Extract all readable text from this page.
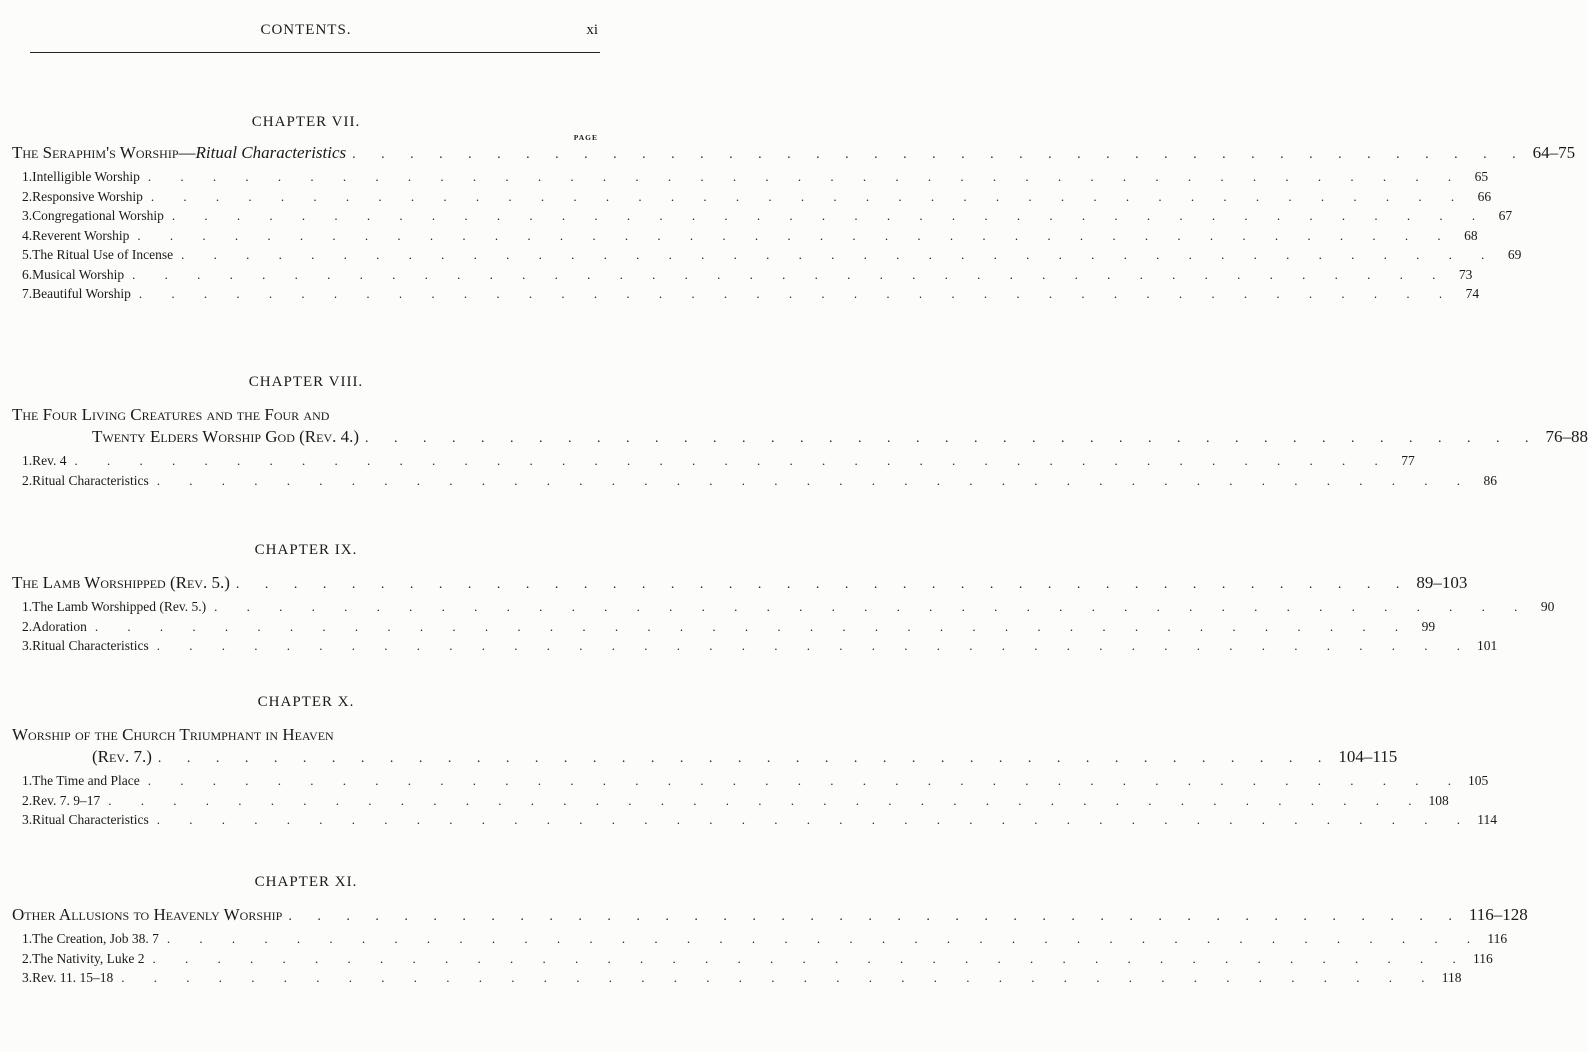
CONTENTS.	xi
CHAPTER VII.
PAGE
The Seraphim's Worship— Ritual Characteristics . . . . . . . . . . . . . . . . . . . . . . . . . . . . . . . . . . . . . . . . . 64–75
1. Intelligible Worship . . . . . . . . . . . . . . . . . . . . . . . . . . . . . . . . . . . . . . . . . 65
2. Responsive Worship . . . . . . . . . . . . . . . . . . . . . . . . . . . . . . . . . . . . . . . . . 66
3. Congregational Worship . . . . . . . . . . . . . . . . . . . . . . . . . . . . . . . . . . . . . . . . . 67
4. Reverent Worship . . . . . . . . . . . . . . . . . . . . . . . . . . . . . . . . . . . . . . . . . 68
5. The Ritual Use of Incense . . . . . . . . . . . . . . . . . . . . . . . . . . . . . . . . . . . . . . . . . 69
6. Musical Worship . . . . . . . . . . . . . . . . . . . . . . . . . . . . . . . . . . . . . . . . . 73
7. Beautiful Worship . . . . . . . . . . . . . . . . . . . . . . . . . . . . . . . . . . . . . . . . . 74
CHAPTER VIII.
The Four Living Creatures and the Four and
Twenty Elders Worship God (Rev. 4.) . . . . . . . . . . . . . . . . . . . . . . . . . . . . . . . . . . . . . . . . . 76–88
1. Rev. 4 . . . . . . . . . . . . . . . . . . . . . . . . . . . . . . . . . . . . . . . . . 77
2. Ritual Characteristics . . . . . . . . . . . . . . . . . . . . . . . . . . . . . . . . . . . . . . . . . 86
CHAPTER IX.
The Lamb Worshipped (Rev. 5.) . . . . . . . . . . . . . . . . . . . . . . . . . . . . . . . . . . . . . . . . . 89–103
1. The Lamb Worshipped (Rev. 5.) . . . . . . . . . . . . . . . . . . . . . . . . . . . . . . . . . . . . . . . . . 90
2. Adoration . . . . . . . . . . . . . . . . . . . . . . . . . . . . . . . . . . . . . . . . . 99
3. Ritual Characteristics . . . . . . . . . . . . . . . . . . . . . . . . . . . . . . . . . . . . . . . . . 101
CHAPTER X.
Worship of the Church Triumphant in Heaven
(Rev. 7.) . . . . . . . . . . . . . . . . . . . . . . . . . . . . . . . . . . . . . . . . . 104–115
1. The Time and Place . . . . . . . . . . . . . . . . . . . . . . . . . . . . . . . . . . . . . . . . . 105
2. Rev. 7. 9–17 . . . . . . . . . . . . . . . . . . . . . . . . . . . . . . . . . . . . . . . . . 108
3. Ritual Characteristics . . . . . . . . . . . . . . . . . . . . . . . . . . . . . . . . . . . . . . . . . 114
CHAPTER XI.
Other Allusions to Heavenly Worship . . . . . . . . . . . . . . . . . . . . . . . . . . . . . . . . . . . . . . . . . 116–128
1. The Creation, Job 38. 7 . . . . . . . . . . . . . . . . . . . . . . . . . . . . . . . . . . . . . . . . . 116
2. The Nativity, Luke 2 . . . . . . . . . . . . . . . . . . . . . . . . . . . . . . . . . . . . . . . . . 116
3. Rev. 11. 15–18 . . . . . . . . . . . . . . . . . . . . . . . . . . . . . . . . . . . . . . . . . 118
